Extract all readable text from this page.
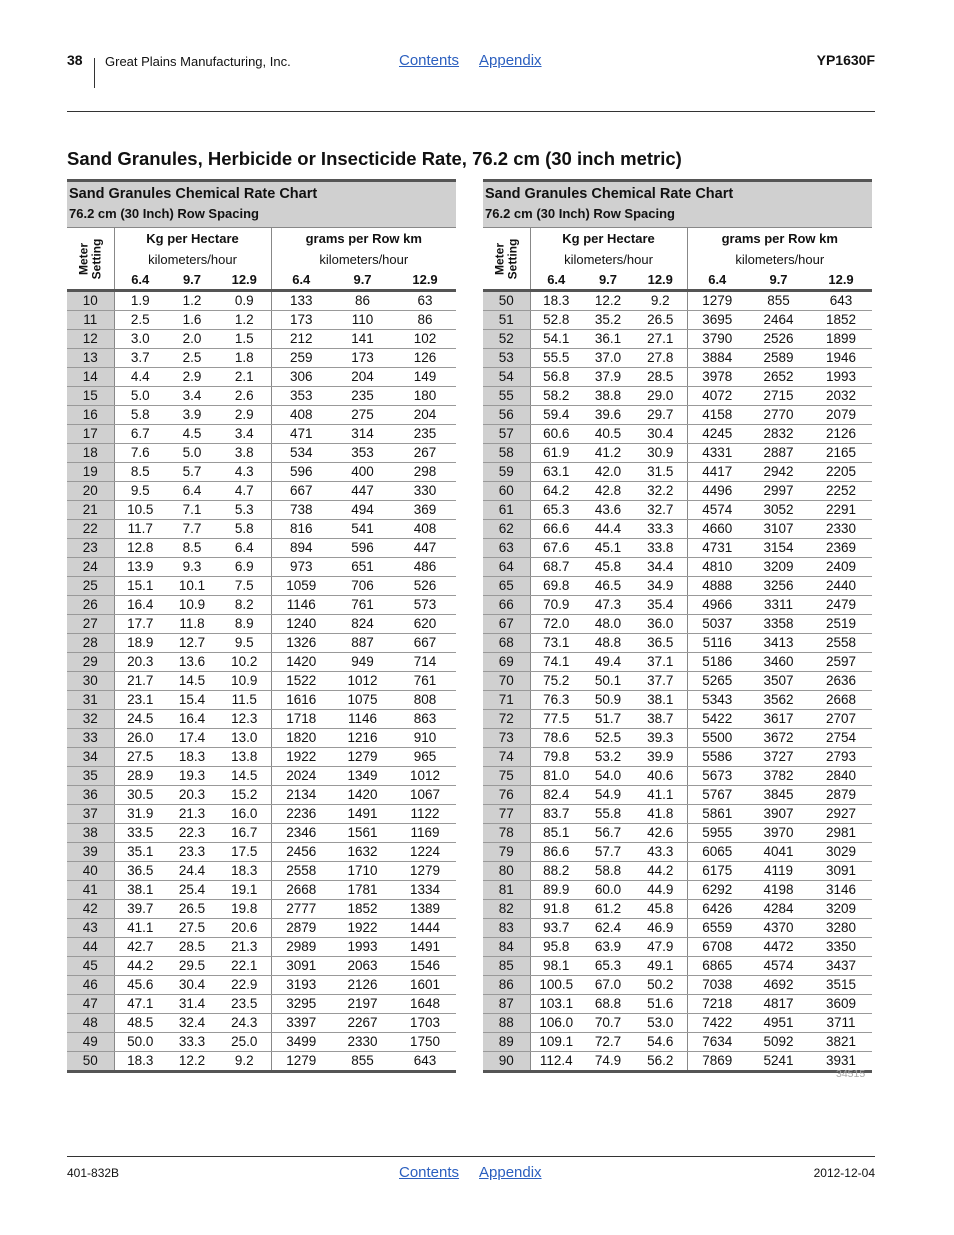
38 Great Plains Manufacturing, Inc.	Contents Appendix	YP1630F
Sand Granules, Herbicide or Insecticide Rate, 76.2 cm (30 inch metric)
Sand Granules Chemical Rate Chart
76.2 cm (30 Inch) Row Spacing
Meter
Setting	Kg per Hectare			grams per Row km		
	kilometers/hour			kilometers/hour		
	6.4	9.7	12.9	6.4	9.7	12.9
10	1.9	1.2	0.9	133	86	63
11	2.5	1.6	1.2	173	110	86
12	3.0	2.0	1.5	212	141	102
13	3.7	2.5	1.8	259	173	126
14	4.4	2.9	2.1	306	204	149
15	5.0	3.4	2.6	353	235	180
16	5.8	3.9	2.9	408	275	204
17	6.7	4.5	3.4	471	314	235
18	7.6	5.0	3.8	534	353	267
19	8.5	5.7	4.3	596	400	298
20	9.5	6.4	4.7	667	447	330
21	10.5	7.1	5.3	738	494	369
22	11.7	7.7	5.8	816	541	408
23	12.8	8.5	6.4	894	596	447
24	13.9	9.3	6.9	973	651	486
25	15.1	10.1	7.5	1059	706	526
26	16.4	10.9	8.2	1146	761	573
27	17.7	11.8	8.9	1240	824	620
28	18.9	12.7	9.5	1326	887	667
29	20.3	13.6	10.2	1420	949	714
30	21.7	14.5	10.9	1522	1012	761
31	23.1	15.4	11.5	1616	1075	808
32	24.5	16.4	12.3	1718	1146	863
33	26.0	17.4	13.0	1820	1216	910
34	27.5	18.3	13.8	1922	1279	965
35	28.9	19.3	14.5	2024	1349	1012
36	30.5	20.3	15.2	2134	1420	1067
37	31.9	21.3	16.0	2236	1491	1122
38	33.5	22.3	16.7	2346	1561	1169
39	35.1	23.3	17.5	2456	1632	1224
40	36.5	24.4	18.3	2558	1710	1279
41	38.1	25.4	19.1	2668	1781	1334
42	39.7	26.5	19.8	2777	1852	1389
43	41.1	27.5	20.6	2879	1922	1444
44	42.7	28.5	21.3	2989	1993	1491
45	44.2	29.5	22.1	3091	2063	1546
46	45.6	30.4	22.9	3193	2126	1601
47	47.1	31.4	23.5	3295	2197	1648
48	48.5	32.4	24.3	3397	2267	1703
49	50.0	33.3	25.0	3499	2330	1750
50	18.3	12.2	9.2	1279	855	643
Sand Granules Chemical Rate Chart
76.2 cm (30 Inch) Row Spacing
Meter
Setting	Kg per Hectare			grams per Row km		
	kilometers/hour			kilometers/hour		
	6.4	9.7	12.9	6.4	9.7	12.9
50	18.3	12.2	9.2	1279	855	643
51	52.8	35.2	26.5	3695	2464	1852
52	54.1	36.1	27.1	3790	2526	1899
53	55.5	37.0	27.8	3884	2589	1946
54	56.8	37.9	28.5	3978	2652	1993
55	58.2	38.8	29.0	4072	2715	2032
56	59.4	39.6	29.7	4158	2770	2079
57	60.6	40.5	30.4	4245	2832	2126
58	61.9	41.2	30.9	4331	2887	2165
59	63.1	42.0	31.5	4417	2942	2205
60	64.2	42.8	32.2	4496	2997	2252
61	65.3	43.6	32.7	4574	3052	2291
62	66.6	44.4	33.3	4660	3107	2330
63	67.6	45.1	33.8	4731	3154	2369
64	68.7	45.8	34.4	4810	3209	2409
65	69.8	46.5	34.9	4888	3256	2440
66	70.9	47.3	35.4	4966	3311	2479
67	72.0	48.0	36.0	5037	3358	2519
68	73.1	48.8	36.5	5116	3413	2558
69	74.1	49.4	37.1	5186	3460	2597
70	75.2	50.1	37.7	5265	3507	2636
71	76.3	50.9	38.1	5343	3562	2668
72	77.5	51.7	38.7	5422	3617	2707
73	78.6	52.5	39.3	5500	3672	2754
74	79.8	53.2	39.9	5586	3727	2793
75	81.0	54.0	40.6	5673	3782	2840
76	82.4	54.9	41.1	5767	3845	2879
77	83.7	55.8	41.8	5861	3907	2927
78	85.1	56.7	42.6	5955	3970	2981
79	86.6	57.7	43.3	6065	4041	3029
80	88.2	58.8	44.2	6175	4119	3091
81	89.9	60.0	44.9	6292	4198	3146
82	91.8	61.2	45.8	6426	4284	3209
83	93.7	62.4	46.9	6559	4370	3280
84	95.8	63.9	47.9	6708	4472	3350
85	98.1	65.3	49.1	6865	4574	3437
86	100.5	67.0	50.2	7038	4692	3515
87	103.1	68.8	51.6	7218	4817	3609
88	106.0	70.7	53.0	7422	4951	3711
89	109.1	72.7	54.6	7634	5092	3821
90	112.4	74.9	56.2	7869	5241	3931
34515
401-832B	Contents Appendix	2012-12-04
